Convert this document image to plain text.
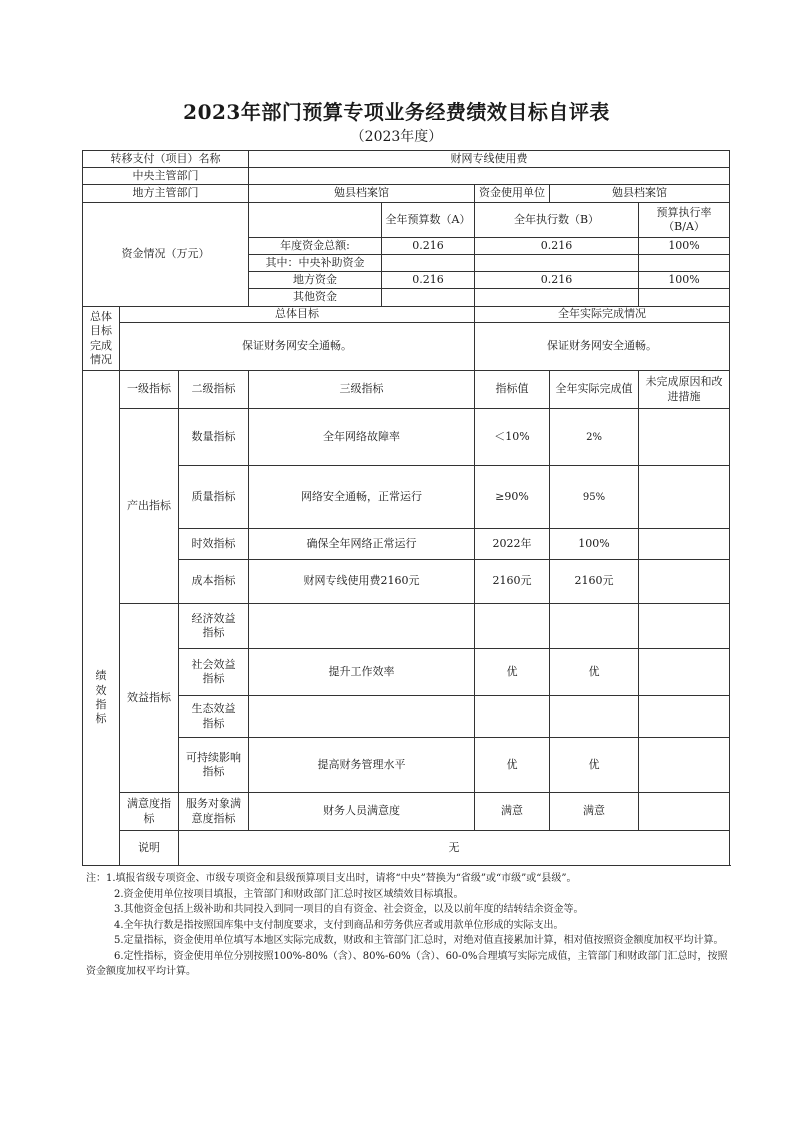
2023年部门预算专项业务经费绩效目标自评表
（2023年度）
转移支付（项目）名称			财网专线使用费				
中央主管部门							
地方主管部门			勉县档案馆		资金使用单位	勉县档案馆	
资金情况（万元）				全年预算数（A）	全年执行数（B）		预算执行率（B/A）
			年度资金总额:	0.216	0.216		100%
			其中：中央补助资金				
			地方资金	0.216	0.216		100%
			其他资金				
总体目标完成情况	总体目标				全年实际完成情况		
	保证财务网安全通畅。				保证财务网安全通畅。		

绩效指标	一级指标	二级指标	三级指标		指标值	全年实际完成值	未完成原因和改进措施
	产出指标	数量指标	全年网络故障率		＜10%	2%	
		质量指标	网络安全通畅，正常运行		≥90%	95%	
		时效指标	确保全年网络正常运行		2022年	100%	
		成本指标	财网专线使用费2160元		2160元	2160元	
	效益指标	经济效益指标					

		社会效益指标	提升工作效率		优	优	

		生态效益指标					

		可持续影响指标	提高财务管理水平		优	优	

	满意度指标	服务对象满意度指标	财务人员满意度		满意	满意	
	说明	无					
注：1.填报省级专项资金、市级专项资金和县级预算项目支出时，请将“中央”替换为“省级”或“市级”或“县级”。
2.资金使用单位按项目填报，主管部门和财政部门汇总时按区域绩效目标填报。
3.其他资金包括上级补助和共同投入到同一项目的自有资金、社会资金，以及以前年度的结转结余资金等。
4.全年执行数是指按照国库集中支付制度要求，支付到商品和劳务供应者或用款单位形成的实际支出。
5.定量指标，资金使用单位填写本地区实际完成数，财政和主管部门汇总时，对绝对值直接累加计算，相对值按照资金额度加权平均计算。
6.定性指标，资金使用单位分别按照100%-80%（含）、80%-60%（含）、60-0%合理填写实际完成值，主管部门和财政部门汇总时，按照资金额度加权平均计算。
